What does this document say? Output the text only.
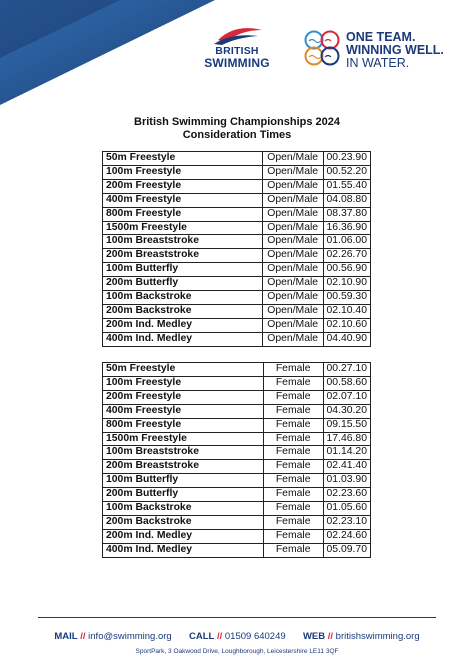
BRITISH
SWIMMING
ONE TEAM.
WINNING WELL.
IN WATER.
British Swimming Championships 2024
Consideration Times
50m Freestyle	Open/Male	00.23.90
100m Freestyle	Open/Male	00.52.20
200m Freestyle	Open/Male	01.55.40
400m Freestyle	Open/Male	04.08.80
800m Freestyle	Open/Male	08.37.80
1500m Freestyle	Open/Male	16.36.90
100m Breaststroke	Open/Male	01.06.00
200m Breaststroke	Open/Male	02.26.70
100m Butterfly	Open/Male	00.56.90
200m Butterfly	Open/Male	02.10.90
100m Backstroke	Open/Male	00.59.30
200m Backstroke	Open/Male	02.10.40
200m Ind. Medley	Open/Male	02.10.60
400m Ind. Medley	Open/Male	04.40.90
50m Freestyle	Female	00.27.10
100m Freestyle	Female	00.58.60
200m Freestyle	Female	02.07.10
400m Freestyle	Female	04.30.20
800m Freestyle	Female	09.15.50
1500m Freestyle	Female	17.46.80
100m Breaststroke	Female	01.14.20
200m Breaststroke	Female	02.41.40
100m Butterfly	Female	01.03.90
200m Butterfly	Female	02.23.60
100m Backstroke	Female	01.05.60
200m Backstroke	Female	02.23.10
200m Ind. Medley	Female	02.24.60
400m Ind. Medley	Female	05.09.70
MAIL // info@swimming.org CALL // 01509 640249 WEB // britishswimming.org
SportPark, 3 Oakwood Drive, Loughborough, Leicestershire LE11 3QF
